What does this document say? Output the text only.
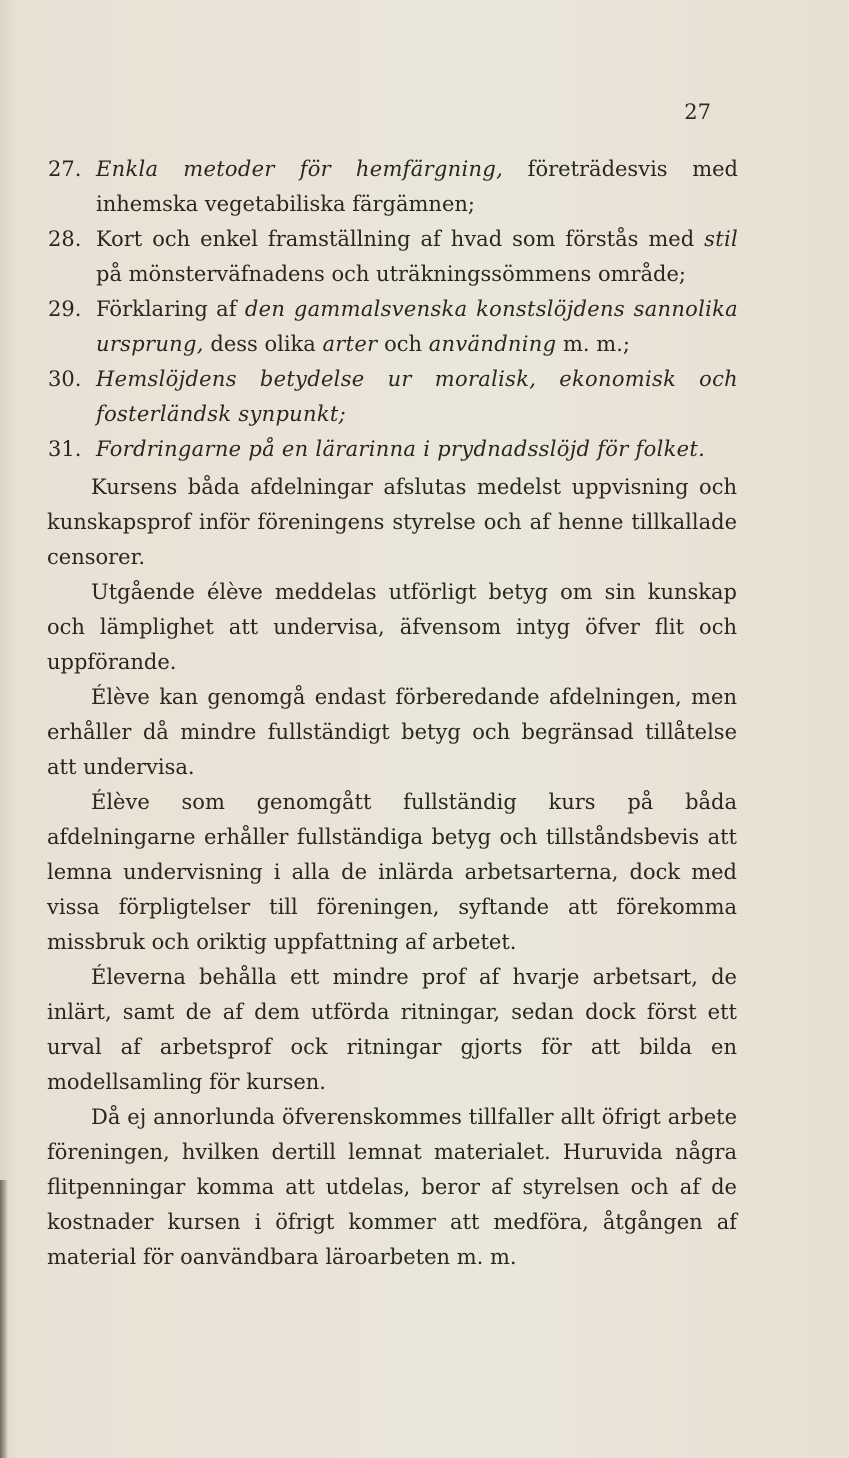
27
27. Enkla metoder för hemfärgning, företrädesvis med inhemska vegetabiliska färgämnen;
28. Kort och enkel framställning af hvad som förstås med stil på mönsterväfnadens och uträkningssömmens område;
29. Förklaring af den gammalsvenska konstslöjdens sannolika ursprung, dess olika arter och användning m. m.;
30. Hemslöjdens betydelse ur moralisk, ekonomisk och fosterländsk synpunkt;
31. Fordringarne på en lärarinna i prydnadsslöjd för folket.

Kursens båda afdelningar afslutas medelst uppvisning och kunskapsprof inför föreningens styrelse och af henne tillkallade censorer.

Utgående élève meddelas utförligt betyg om sin kunskap och lämplighet att undervisa, äfvensom intyg öfver flit och uppförande.

Élève kan genomgå endast förberedande afdelningen, men erhåller då mindre fullständigt betyg och begränsad tillåtelse att undervisa.

Élève som genomgått fullständig kurs på båda afdelningarne erhåller fullständiga betyg och tillståndsbevis att lemna undervisning i alla de inlärda arbetsarterna, dock med vissa förpligtelser till föreningen, syftande att förekomma missbruk och oriktig uppfattning af arbetet.

Éleverna behålla ett mindre prof af hvarje arbetsart, de inlärt, samt de af dem utförda ritningar, sedan dock först ett urval af arbetsprof ock ritningar gjorts för att bilda en modellsamling för kursen.

Då ej annorlunda öfverenskommes tillfaller allt öfrigt arbete föreningen, hvilken dertill lemnat materialet. Huruvida några flitpenningar komma att utdelas, beror af styrelsen och af de kostnader kursen i öfrigt kommer att medföra, åtgången af material för oanvändbara läroarbeten m. m.
